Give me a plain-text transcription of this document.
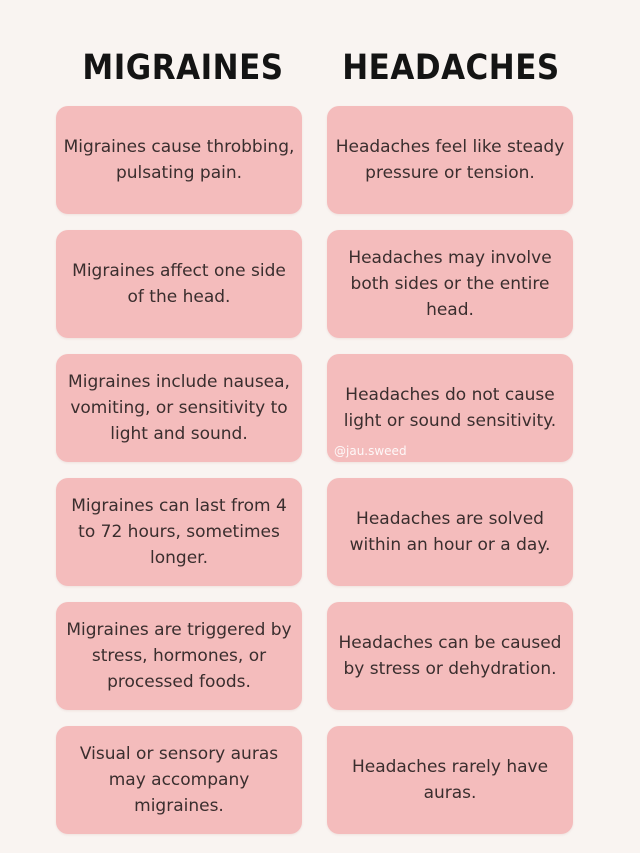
MIGRAINES	HEADACHES
Migraines cause throbbing, pulsating pain.
Migraines affect one side of the head.
Migraines include nausea, vomiting, or sensitivity to light and sound.
Migraines can last from 4 to 72 hours, sometimes longer.
Migraines are triggered by stress, hormones, or processed foods.
Visual or sensory auras may accompany migraines.
Headaches feel like steady pressure or tension.
Headaches may involve both sides or the entire head.
Headaches do not cause light or sound sensitivity.
Headaches are solved within an hour or a day.
Headaches can be caused by stress or dehydration.
Headaches rarely have auras.
@jau.sweed
